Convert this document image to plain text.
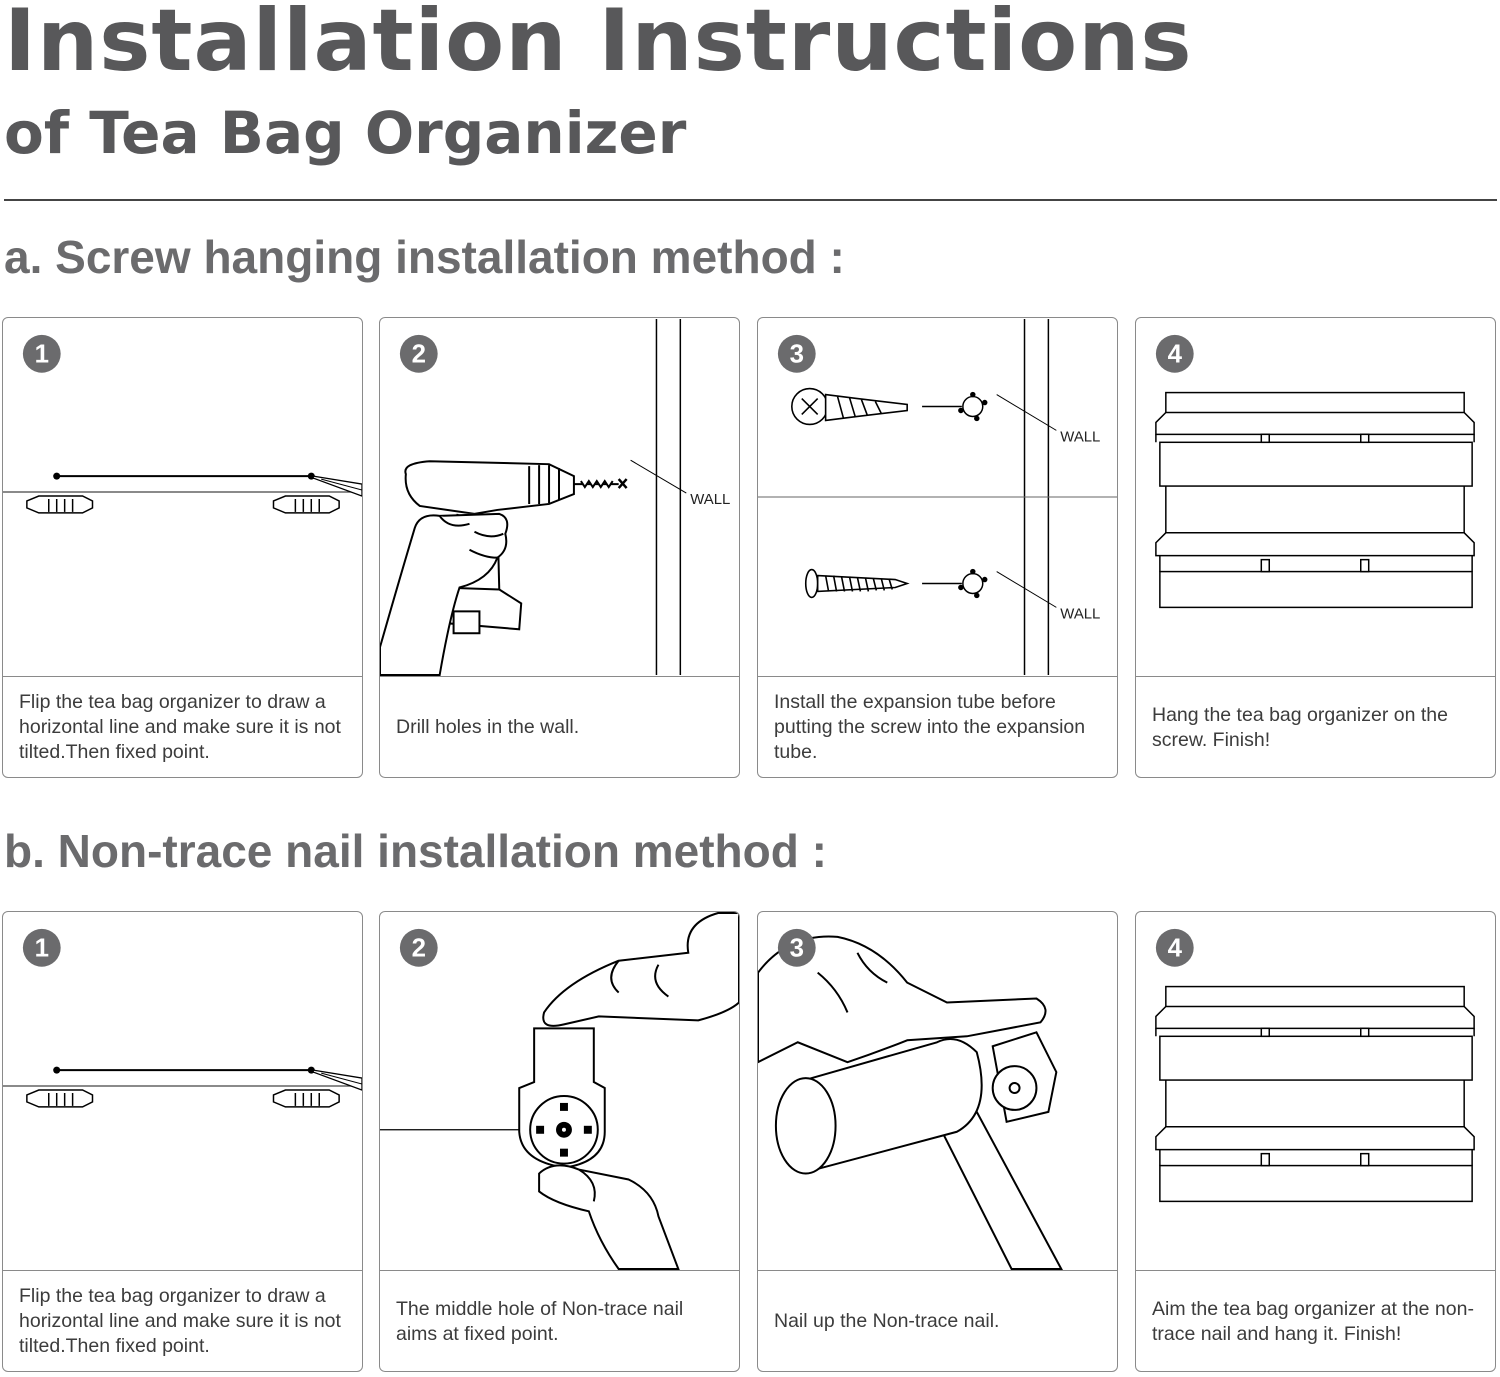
Installation Instructions
of Tea Bag Organizer
a. Screw hanging installation method :
1
Flip the tea bag organizer to draw a horizontal line and make sure it is not tilted.Then fixed point.
2
WALL
Drill holes in the wall.
3
WALL
WALL
Install the expansion tube before putting the screw into the expansion tube.
4
Hang the tea bag organizer on the screw. Finish!
b. Non-trace nail installation method :
1
Flip the tea bag organizer to draw a horizontal line and make sure it is not tilted.Then fixed point.
2
The middle hole of Non-trace nail aims at fixed point.
3
Nail up the Non-trace nail.
4
Aim the tea bag organizer at the non-trace nail and hang it. Finish!
